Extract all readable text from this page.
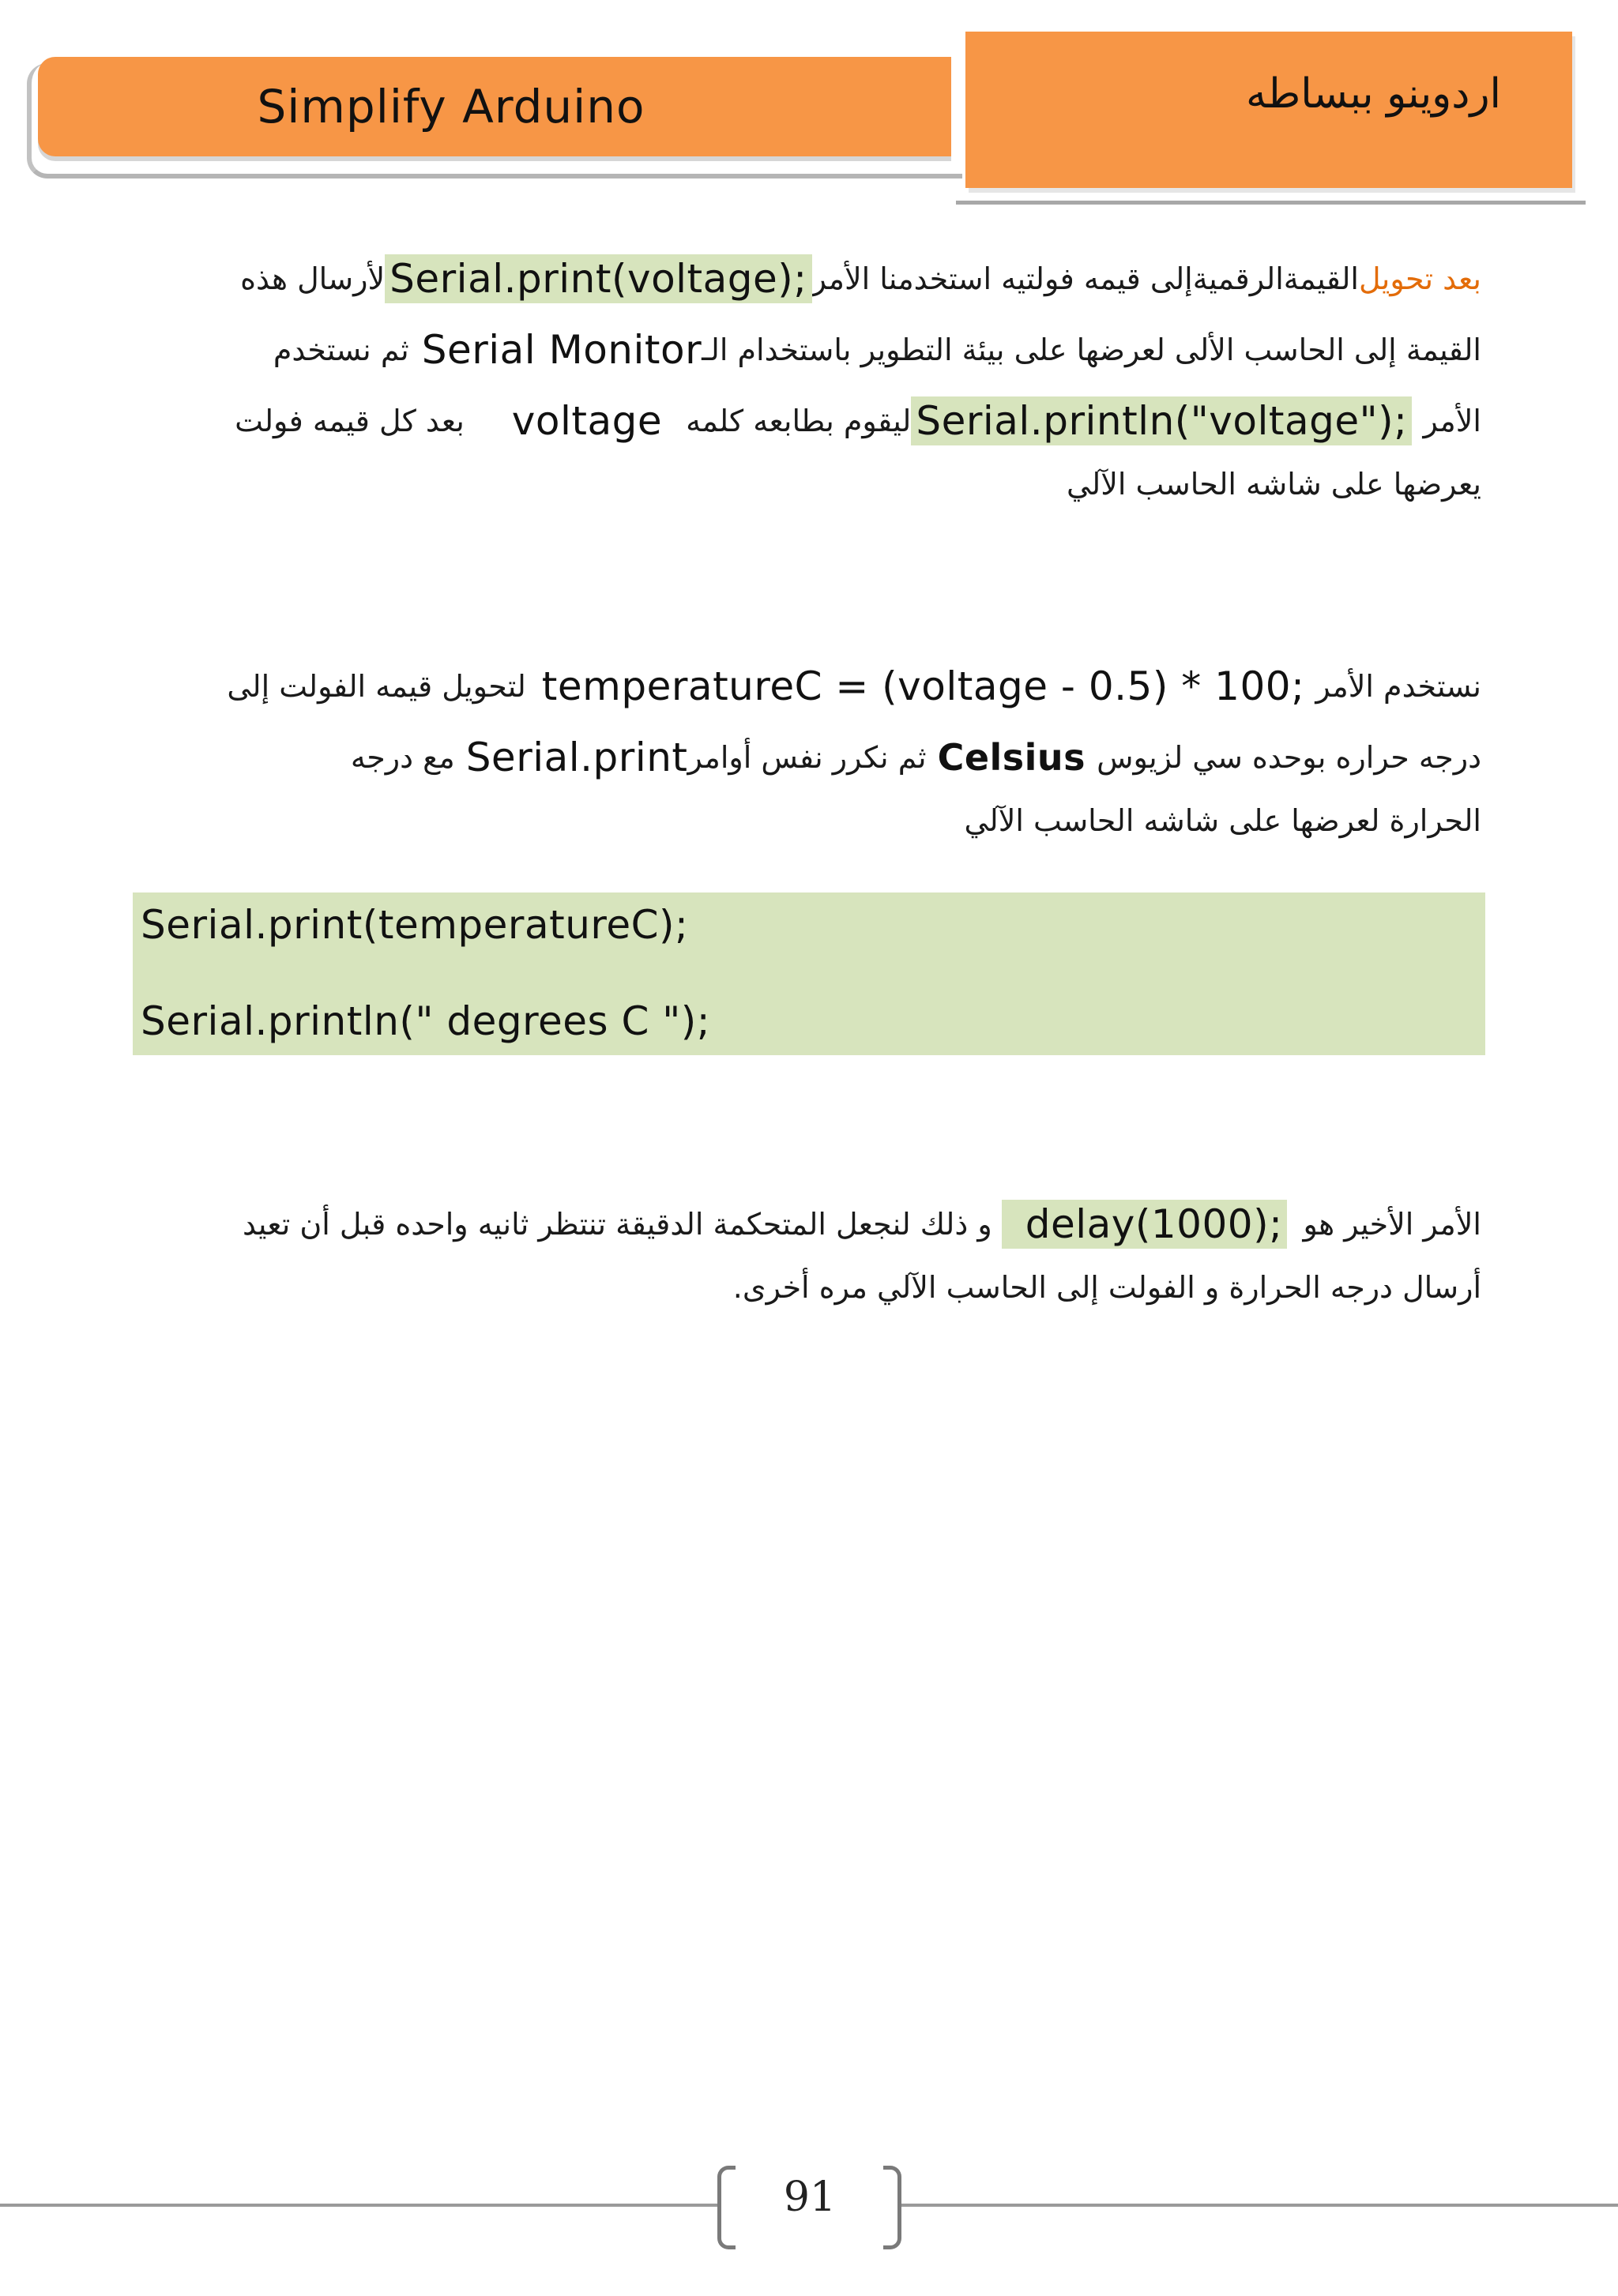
Simplify Arduino	اردوينو ببساطه
بعد تحويل
القيمةالرقميةإلى قيمه فولتيه استخدمنا الأمر
Serial.print(voltage);
لأرسال هذه
القيمة إلى الحاسب الألى لعرضها على بيئة التطوير باستخدام الـ
Serial Monitor
ثم نستخدم
الأمر
Serial.println("voltage");
ليقوم بطابعه كلمه
voltage
بعد كل قيمه فولت
يعرضها على شاشه الحاسب الآلي
نستخدم الأمر
temperatureC = (voltage - 0.5) * 100;
لتحويل قيمه الفولت إلى
درجه حراره بوحده سي لزيوس
Celsius
ثم نكرر نفس أوامر
Serial.print
مع درجه
الحرارة لعرضها على شاشه الحاسب الآلي
Serial.print(temperatureC);
Serial.println(" degrees C ");
الأمر الأخير هو
delay(1000);
و ذلك لنجعل المتحكمة الدقيقة تنتظر ثانيه واحده قبل أن تعيد
أرسال درجه الحرارة و الفولت إلى الحاسب الآلي مره أخرى.
91
